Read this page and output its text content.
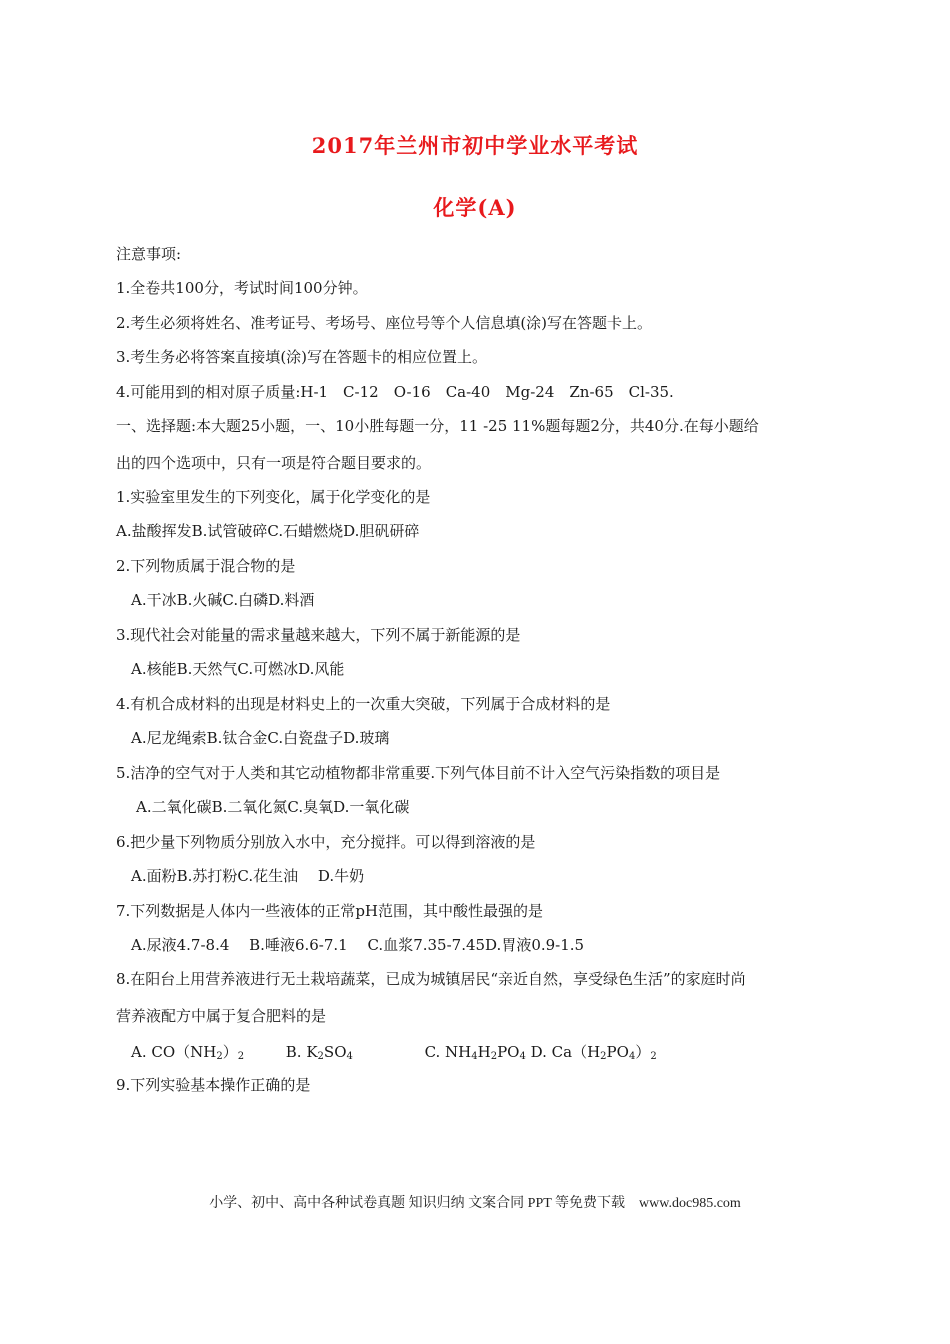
2017年兰州市初中学业水平考试
化学(A)
注意事项:
1.全卷共100分，考试时间100分钟。
2.考生必须将姓名、准考证号、考场号、座位号等个人信息填(涂)写在答题卡上。
3.考生务必将答案直接填(涂)写在答题卡的相应位置上。
4.可能用到的相对原子质量:H-1　C-12　O-16　Ca-40　Mg-24　Zn-65　Cl-35.
一、选择题:本大题25小题，一、10小胜每题一分，11 -25 11%题每题2分，共40分.在每小题给
出的四个选项中，只有一项是符合题目要求的。
1.实验室里发生的下列变化，属于化学变化的是
A.盐酸挥发B.试管破碎C.石蜡燃烧D.胆矾研碎
2.下列物质属于混合物的是
A.干冰B.火碱C.白磷D.料酒
3.现代社会对能量的需求量越来越大，下列不属于新能源的是
A.核能B.天然气C.可燃冰D.风能
4.有机合成材料的出现是材料史上的一次重大突破，下列属于合成材料的是
A.尼龙绳索B.钛合金C.白瓷盘子D.玻璃
5.洁净的空气对于人类和其它动植物都非常重要.下列气体目前不计入空气污染指数的项目是
A.二氧化碳B.二氧化氮C.臭氧D.一氧化碳
6.把少量下列物质分别放入水中，充分搅拌。可以得到溶液的是
A.面粉B.苏打粉C.花生油　 D.牛奶
7.下列数据是人体内一些液体的正常pH范围，其中酸性最强的是
A.尿液4.7-8.4　 B.唾液6.6-7.1　 C.血浆7.35-7.45D.胃液0.9-1.5
8.在阳台上用营养液进行无土栽培蔬菜，已成为城镇居民“亲近自然，享受绿色生活”的家庭时尚
营养液配方中属于复合肥料的是
A. $CO(NH_2)_2$	B. $K_2SO_4$	C. $NH_4H_2PO_4$ D. $Ca(H_2PO_4)_2$
9.下列实验基本操作正确的是
小学、初中、高中各种试卷真题 知识归纳 文案合同 PPT 等免费下载　www.doc985.com
